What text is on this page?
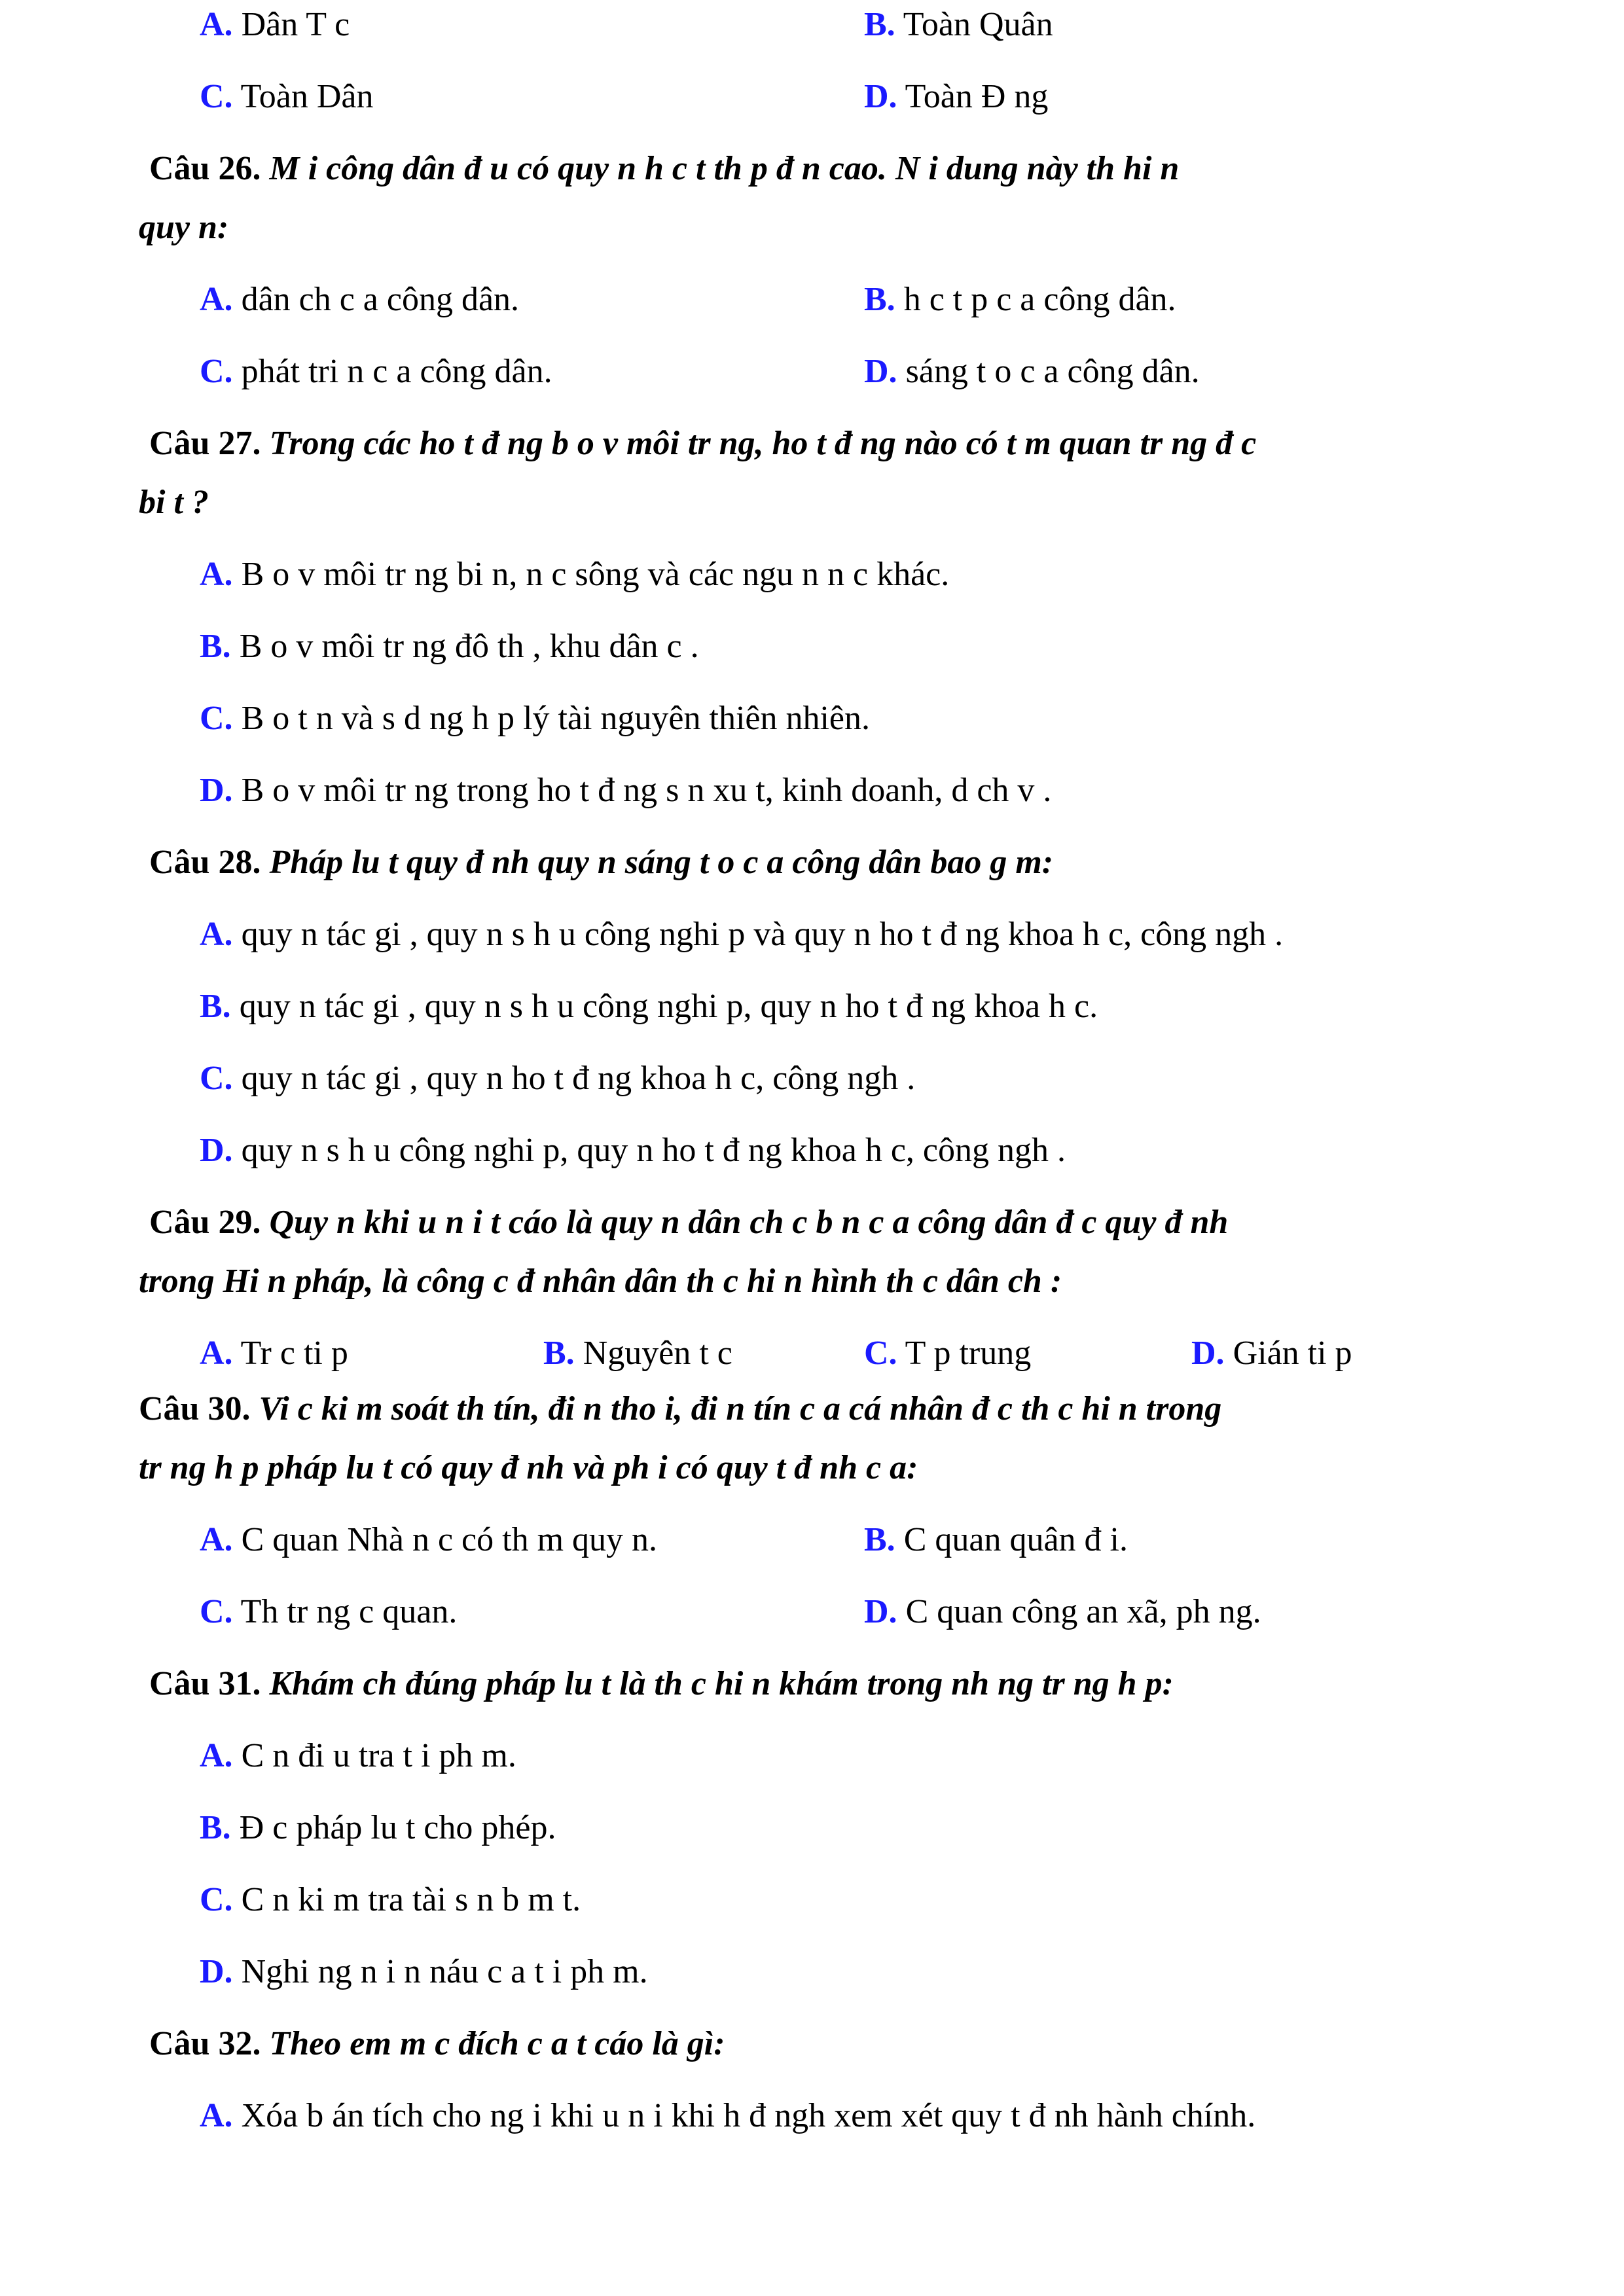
A. Dân T c	B. Toàn Quân
C. Toàn Dân	D. Toàn Đ ng
Câu 26. M i công dân đ u có quy n h c t th p đ n cao. N i dung này th hi n
quy n:
A. dân ch c a công dân.	B. h c t p c a công dân.
C. phát tri n c a công dân.	D. sáng t o c a công dân.
Câu 27. Trong các ho t đ ng b o v môi tr ng, ho t đ ng nào có t m quan tr ng đ c
bi t ?
A. B o v môi tr ng bi n, n c sông và các ngu n n c khác.
B. B o v môi tr ng đô th , khu dân c .
C. B o t n và s d ng h p lý tài nguyên thiên nhiên.
D. B o v môi tr ng trong ho t đ ng s n xu t, kinh doanh, d ch v .
Câu 28. Pháp lu t quy đ nh quy n sáng t o c a công dân bao g m:
A. quy n tác gi , quy n s h u công nghi p và quy n ho t đ ng khoa h c, công ngh .
B. quy n tác gi , quy n s h u công nghi p, quy n ho t đ ng khoa h c.
C. quy n tác gi , quy n ho t đ ng khoa h c, công ngh .
D. quy n s h u công nghi p, quy n ho t đ ng khoa h c, công ngh .
Câu 29. Quy n khi u n i t cáo là quy n dân ch c b n c a công dân đ c quy đ nh
trong Hi n pháp, là công c đ nhân dân th c hi n hình th c dân ch :
A. Tr c ti p	B. Nguyên t c	C. T p trung	D. Gián ti p
Câu 30. Vi c ki m soát th tín, đi n tho i, đi n tín c a cá nhân đ c th c hi n trong
tr ng h p pháp lu t có quy đ nh và ph i có quy t đ nh c a:
A. C quan Nhà n c có th m quy n.	B. C quan quân đ i.
C. Th tr ng c quan.	D. C quan công an xã, ph ng.
Câu 31. Khám ch đúng pháp lu t là th c hi n khám trong nh ng tr ng h p:
A. C n đi u tra t i ph m.
B. Đ c pháp lu t cho phép.
C. C n ki m tra tài s n b m t.
D. Nghi ng n i n náu c a t i ph m.
Câu 32. Theo em m c đích c a t cáo là gì:
A. Xóa b án tích cho ng i khi u n i khi h đ ngh xem xét quy t đ nh hành chính.
